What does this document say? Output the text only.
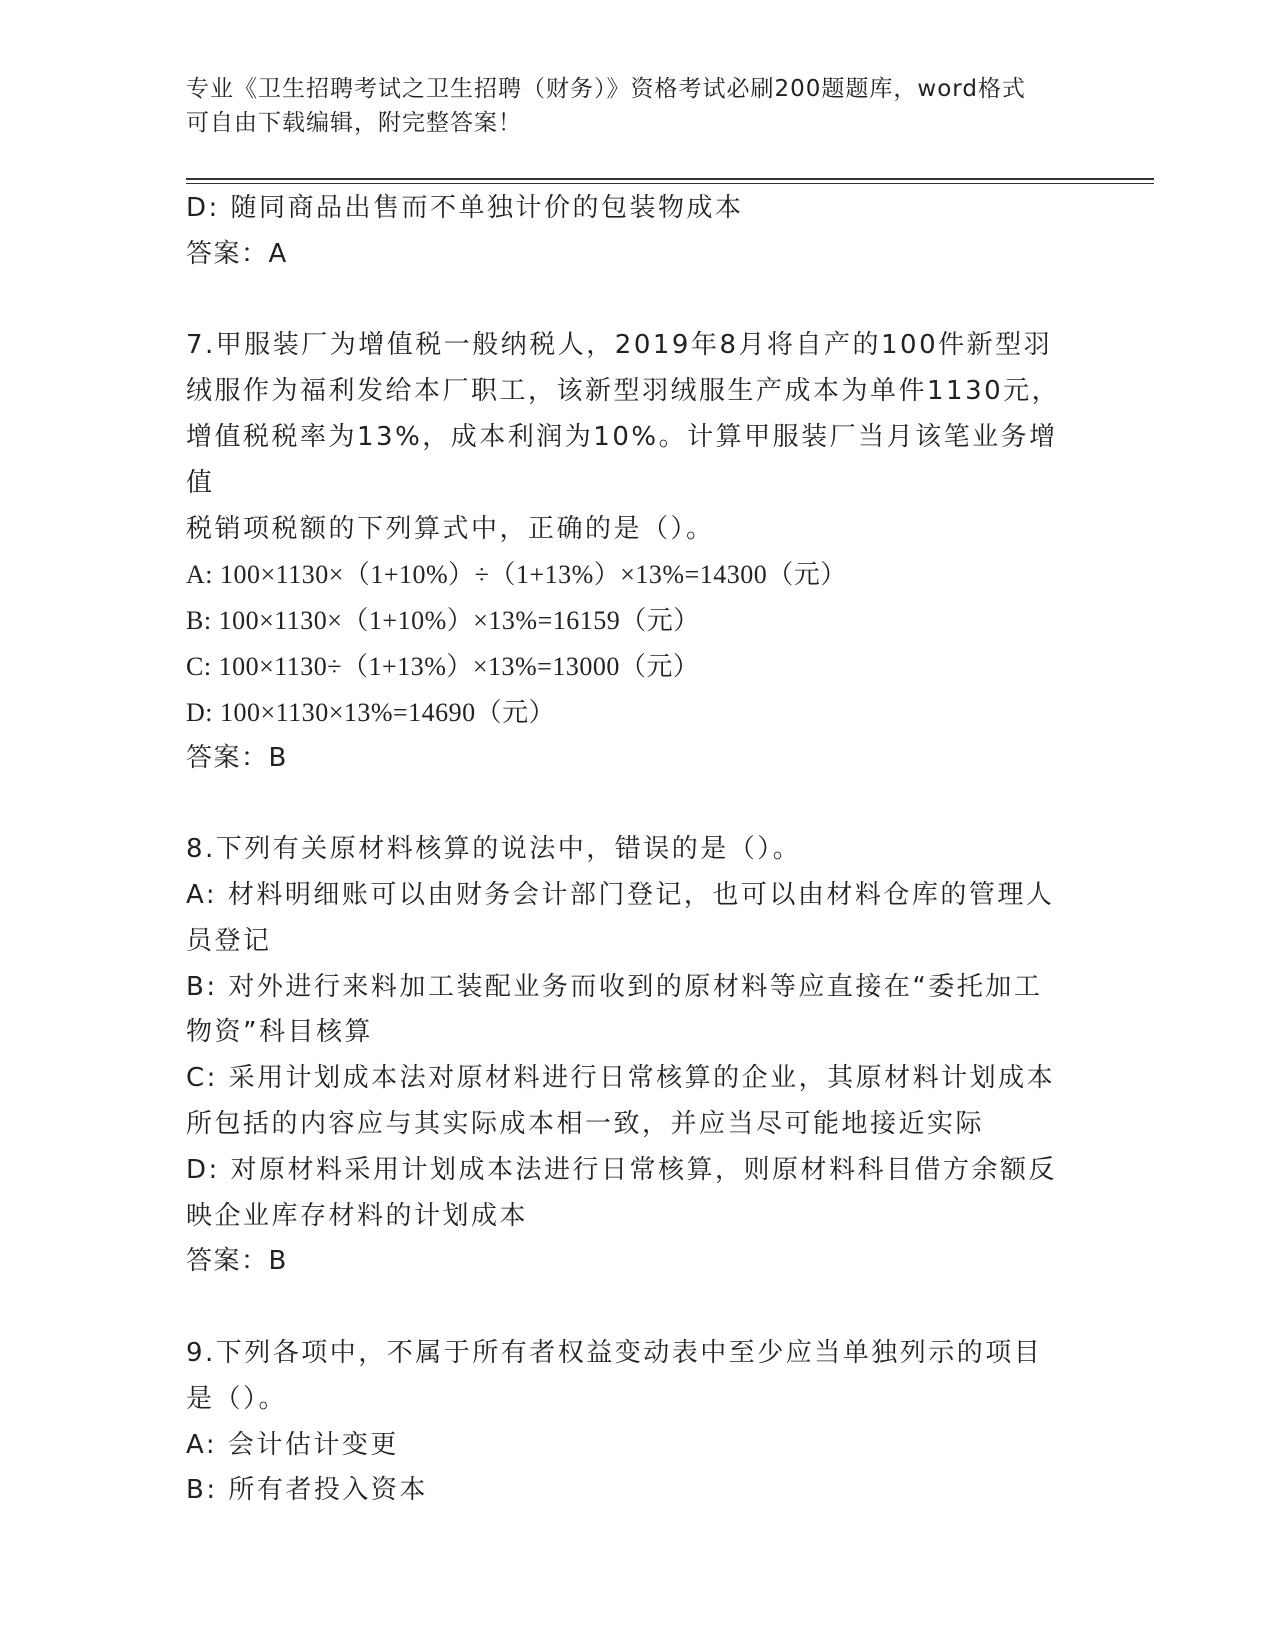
专业《卫生招聘考试之卫生招聘（财务）》资格考试必刷200题题库，word格式
可自由下载编辑，附完整答案！

D: 随同商品出售而不单独计价的包装物成本

答案：A

7.甲服装厂为增值税一般纳税人，2019年8月将自产的100件新型羽

绒服作为福利发给本厂职工，该新型羽绒服生产成本为单件1130元，

增值税税率为13%，成本利润为10%。计算甲服装厂当月该笔业务增值

税销项税额的下列算式中，正确的是（）。

A: 100×1130×（1+10%）÷（1+13%）×13%=14300（元）

B: 100×1130×（1+10%）×13%=16159（元）

C: 100×1130÷（1+13%）×13%=13000（元）

D: 100×1130×13%=14690（元）

答案：B

8.下列有关原材料核算的说法中，错误的是（）。

A: 材料明细账可以由财务会计部门登记，也可以由材料仓库的管理人

员登记

B: 对外进行来料加工装配业务而收到的原材料等应直接在“委托加工

物资”科目核算

C: 采用计划成本法对原材料进行日常核算的企业，其原材料计划成本

所包括的内容应与其实际成本相一致，并应当尽可能地接近实际

D: 对原材料采用计划成本法进行日常核算，则原材料科目借方余额反

映企业库存材料的计划成本

答案：B

9.下列各项中，不属于所有者权益变动表中至少应当单独列示的项目

是（）。

A: 会计估计变更

B: 所有者投入资本
